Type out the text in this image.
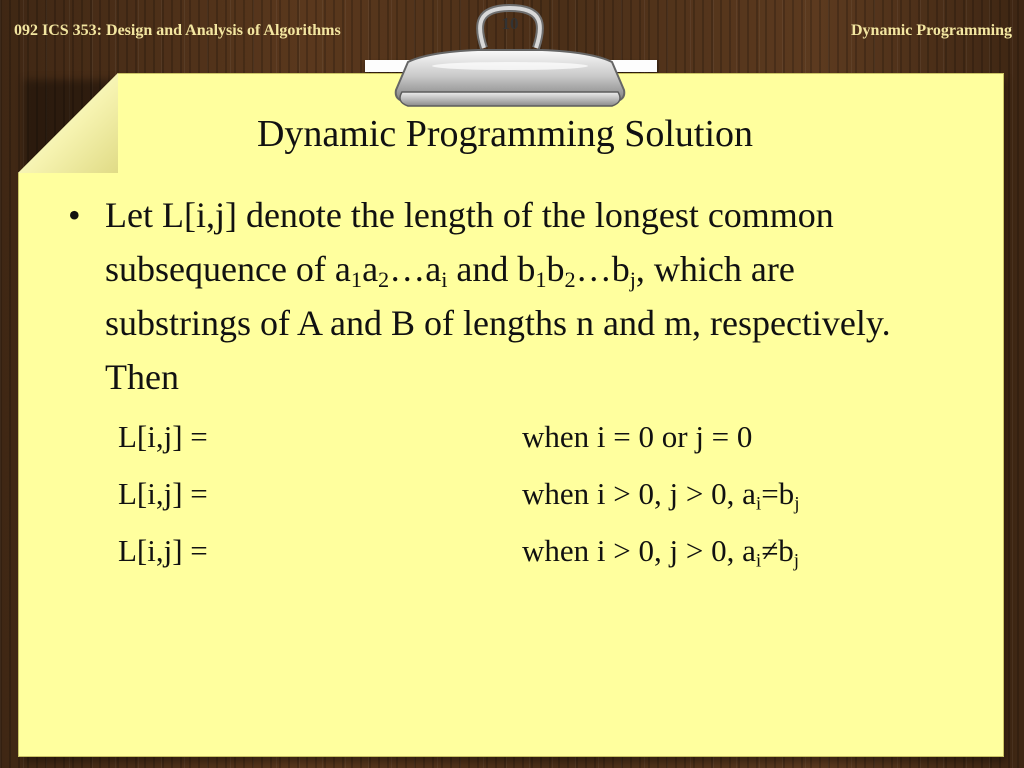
092 ICS 353: Design and Analysis of Algorithms	Dynamic Programming
10
Dynamic Programming Solution
• Let L[i,j] denote the length of the longest common subsequence of $a_1a_2\dots a_i$ and $b_1b_2\dots b_j$, which are substrings of A and B of lengths n and m, respectively. Then
L[i,j] =	when i = 0 or j = 0
L[i,j] =	when i > 0, j > 0, $a_i=b_j$
L[i,j] =	when i > 0, j > 0, $a_i\ne b_j$
